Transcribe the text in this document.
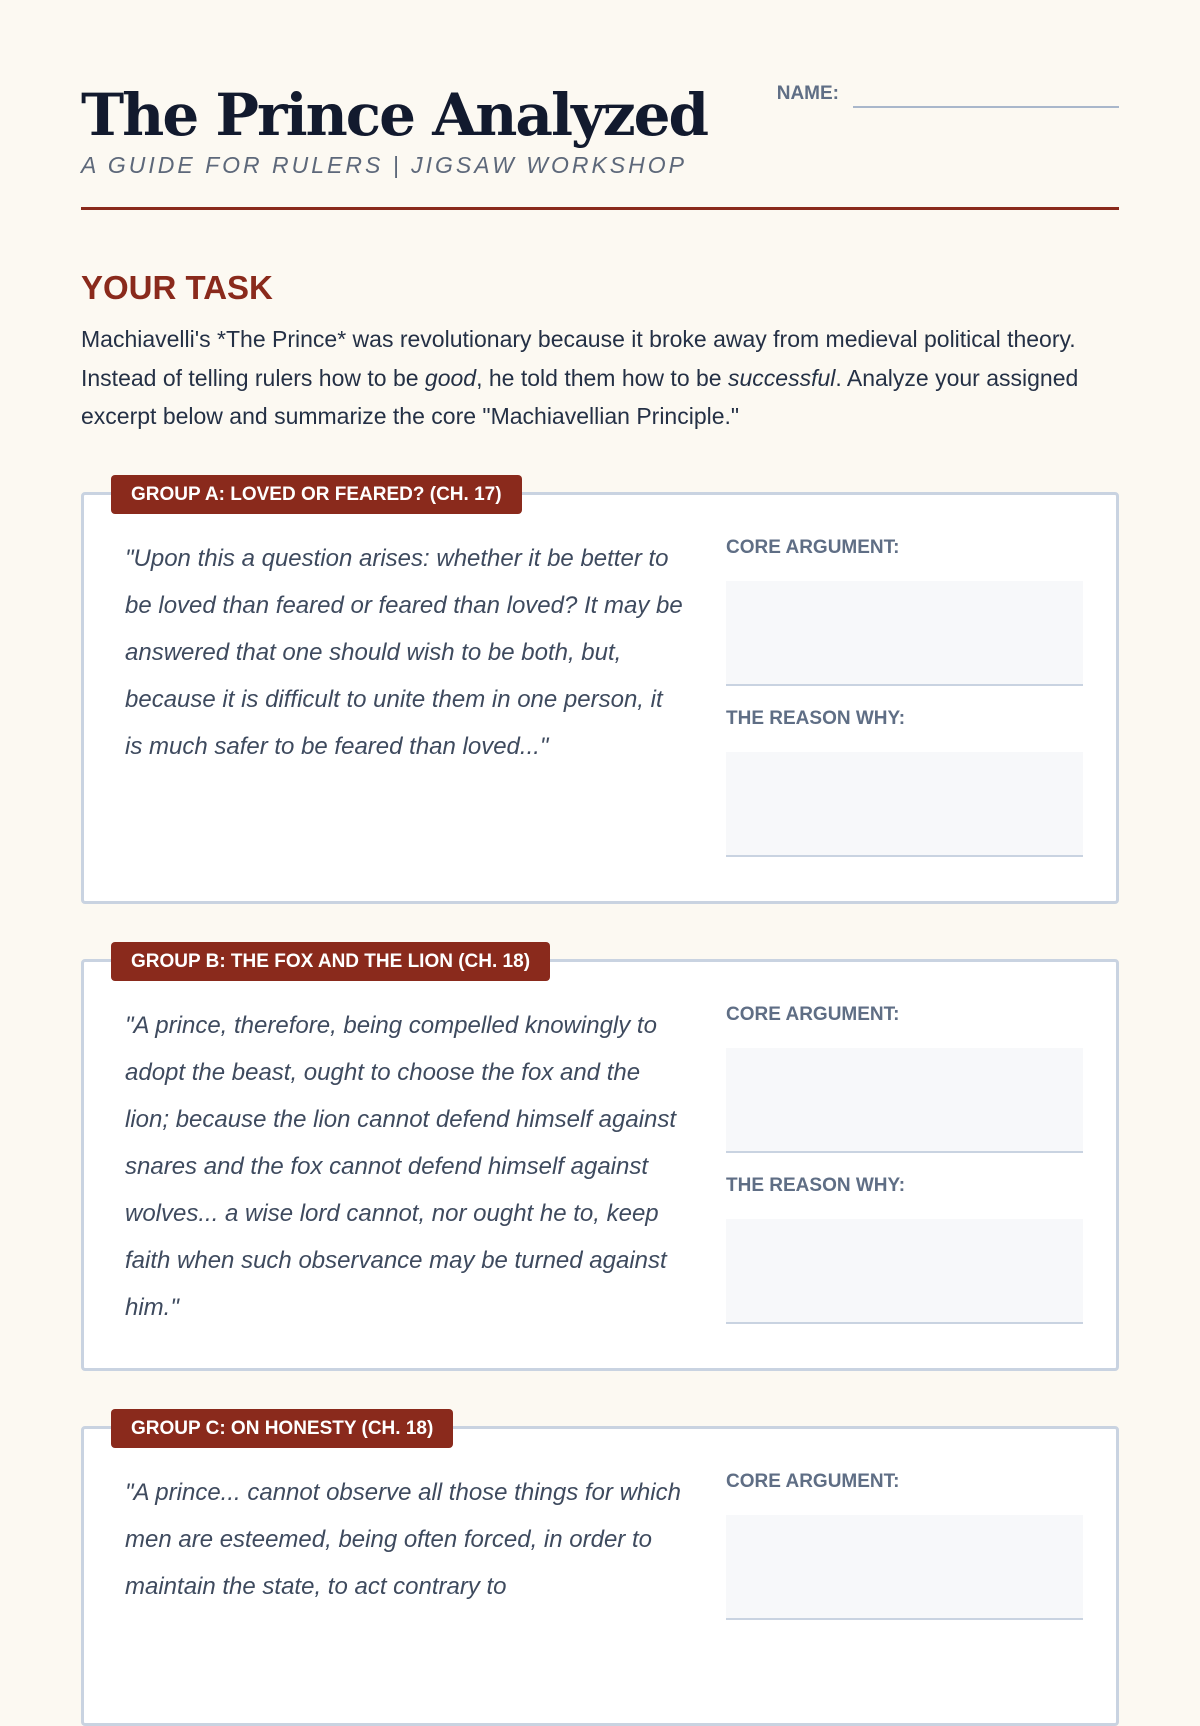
The Prince Analyzed
A GUIDE FOR RULERS | JIGSAW WORKSHOP
NAME:
YOUR TASK

Machiavelli's *The Prince* was revolutionary because it broke away from medieval political theory. Instead of telling rulers how to be good, he told them how to be successful. Analyze your assigned excerpt below and summarize the core "Machiavellian Principle."

GROUP A: LOVED OR FEARED? (CH. 17)
"Upon this a question arises: whether it be better to be loved than feared or feared than loved? It may be answered that one should wish to be both, but, because it is difficult to unite them in one person, it is much safer to be feared than loved..."
CORE ARGUMENT:
THE REASON WHY:
GROUP B: THE FOX AND THE LION (CH. 18)
"A prince, therefore, being compelled knowingly to adopt the beast, ought to choose the fox and the lion; because the lion cannot defend himself against snares and the fox cannot defend himself against wolves... a wise lord cannot, nor ought he to, keep faith when such observance may be turned against him."
CORE ARGUMENT:
THE REASON WHY:
GROUP C: ON HONESTY (CH. 18)
"A prince... cannot observe all those things for which men are esteemed, being often forced, in order to maintain the state, to act contrary to
CORE ARGUMENT:
